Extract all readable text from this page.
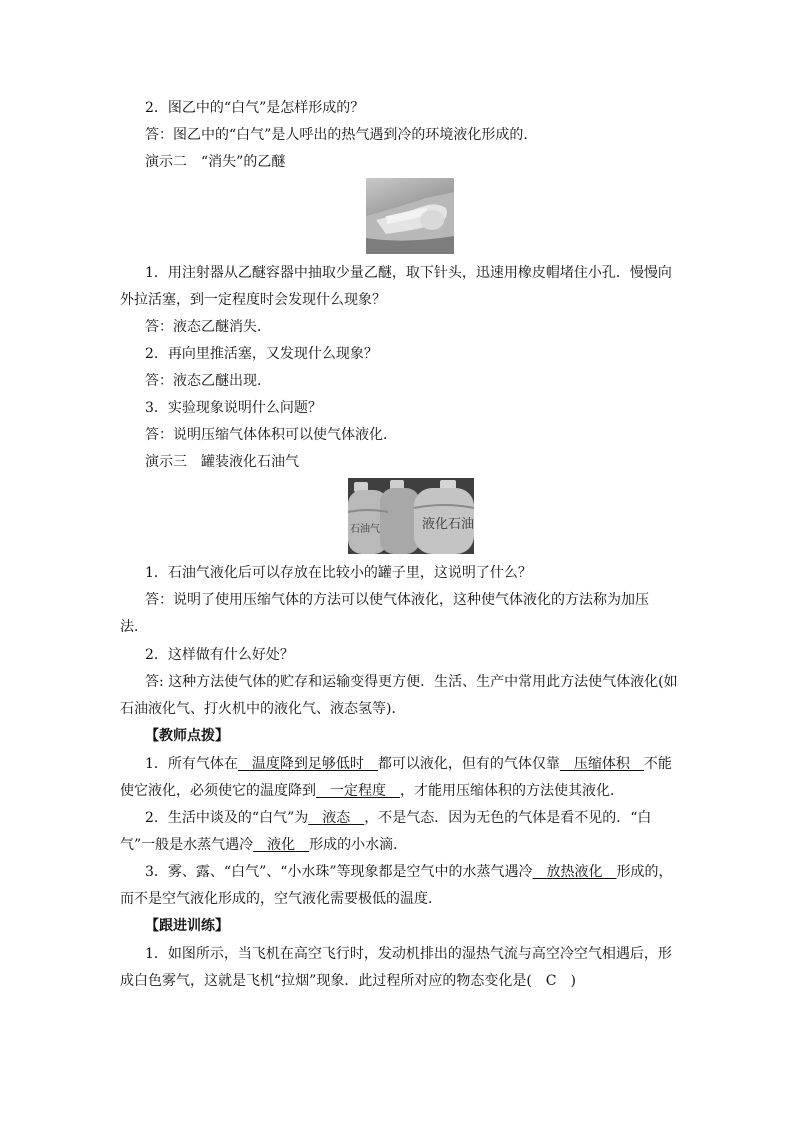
2．图乙中的“白气”是怎样形成的？
答：图乙中的“白气”是人呼出的热气遇到冷的环境液化形成的．
演示二　“消失”的乙醚
1．用注射器从乙醚容器中抽取少量乙醚，取下针头，迅速用橡皮帽堵住小孔．慢慢向
外拉活塞，到一定程度时会发现什么现象？
答：液态乙醚消失．
2．再向里推活塞，又发现什么现象？
答：液态乙醚出现．
3．实验现象说明什么问题？
答：说明压缩气体体积可以使气体液化．
演示三　罐装液化石油气
石油气	液化石油
1．石油气液化后可以存放在比较小的罐子里，这说明了什么？
答：说明了使用压缩气体的方法可以使气体液化，这种使气体液化的方法称为加压
法．
2．这样做有什么好处？
答: 这种方法使气体的贮存和运输变得更方便．生活、生产中常用此方法使气体液化(如
石油液化气、打火机中的液化气、液态氢等)．
【教师点拨】
1．所有气体在　 温度降到足够低时　 都可以液化，但有的气体仅靠　 压缩体积　 不能
使它液化，必须使它的温度降到　 一定程度　 ，才能用压缩体积的方法使其液化．
2．生活中谈及的“白气”为　 液态　 ，不是气态．因为无色的气体是看不见的．“白
气”一般是水蒸气遇冷　 液化　 形成的小水滴．
3．雾、露、“白气”、“小水珠”等现象都是空气中的水蒸气遇冷　 放热液化　 形成的，
而不是空气液化形成的，空气液化需要极低的温度．
【跟进训练】
1．如图所示，当飞机在高空飞行时，发动机排出的湿热气流与高空冷空气相遇后，形
成白色雾气，这就是飞机“拉烟”现象．此过程所对应的物态变化是(　C　)
